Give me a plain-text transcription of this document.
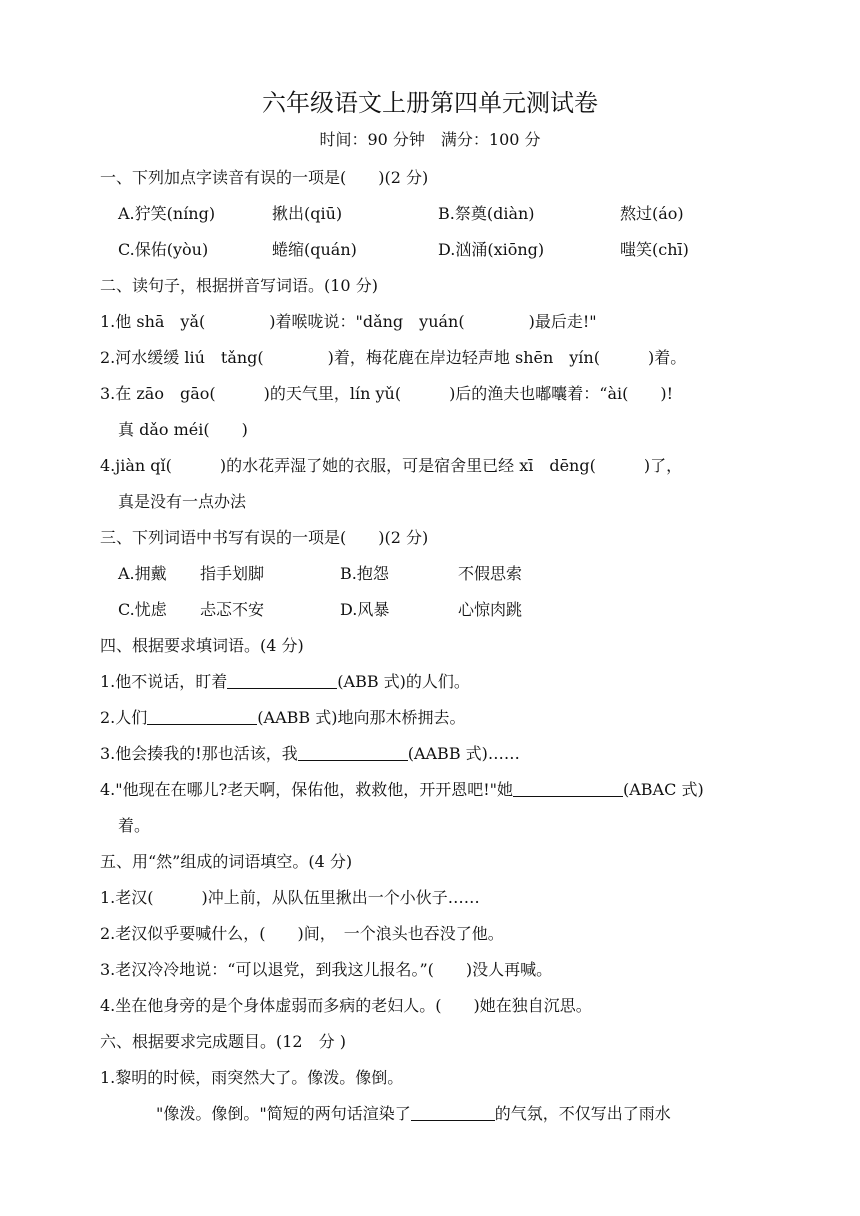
六年级语文上册第四单元测试卷
时间：90 分钟　满分：100 分
一、下列加点字读音有误的一项是(　　)(2 分)
A.狞笑(níng)	揪出(qiū)	B.祭奠(diàn)	熬过(áo)
C.保佑(yòu)	蜷缩(quán)	D.汹涌(xiōng)	嗤笑(chī)
二、读句子，根据拼音写词语。(10 分)
1.他 shā　yǎ(　　　　)着喉咙说："dǎng　yuán(　　　　)最后走!"
2.河水缓缓 liú　tǎng(　　　　)着，梅花鹿在岸边轻声地 shēn　yín(　　　)着。
3.在 zāo　gāo(　　　)的天气里，lín yǔ(　　　)后的渔夫也嘟囔着：“ài(　　)!
真 dǎo méi(　　)
4.jiàn qǐ(　　　)的水花弄湿了她的衣服，可是宿舍里已经 xī　dēng(　　　)了，
真是没有一点办法
三、下列词语中书写有误的一项是(　　)(2 分)
A.拥戴 指手划脚	B.抱怨	不假思索
C.忧虑 忐忑不安	D.风暴	心惊肉跳
四、根据要求填词语。(4 分)
1.他不说话，盯着	(ABB 式)的人们。
2.人们	(AABB 式)地向那木桥拥去。
3.他会揍我的!那也活该，我	(AABB 式)……
4."他现在在哪儿?老天啊，保佑他，救救他，开开恩吧!"她	(ABAC 式)
着。
五、用“然”组成的词语填空。(4 分)
1.老汉(　　　)冲上前，从队伍里揪出一个小伙子……
2.老汉似乎要喊什么，(　　)间，　一个浪头也吞没了他。
3.老汉冷冷地说：“可以退党，到我这儿报名。”(　　)没人再喊。
4.坐在他身旁的是个身体虚弱而多病的老妇人。(　　)她在独自沉思。
六、根据要求完成题目。(12　分 )
1.黎明的时候，雨突然大了。像泼。像倒。
"像泼。像倒。"简短的两句话渲染了	的气氛，不仅写出了雨水
